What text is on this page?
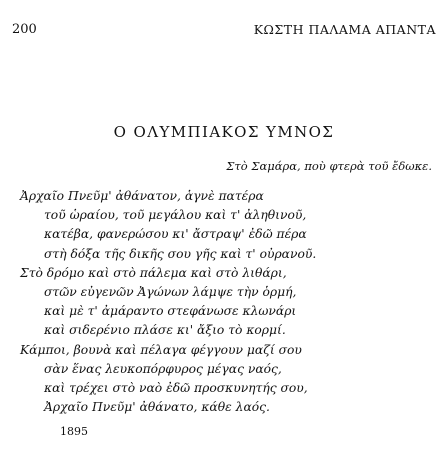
200	ΚΩΣΤΗ ΠΑΛΑΜΑ ΑΠΑΝΤΑ
Ο ΟΛΥΜΠΙΑΚΟΣ ΥΜΝΟΣ
Στὸ Σαμάρα, ποὺ φτερὰ τοῦ ἔδωκε.
Ἀρχαῖο Πνεῦμ' ἀθάνατον, ἁγνὲ πατέρα
τοῦ ὡραίου, τοῦ μεγάλου καὶ τ' ἀληθινοῦ,
κατέβα, φανερώσου κι' ἄστραψ' ἐδῶ πέρα
στὴ δόξα τῆς δικῆς σου γῆς καὶ τ' οὐρανοῦ.
Στὸ δρόμο καὶ στὸ πάλεμα καὶ στὸ λιθάρι,
στῶν εὐγενῶν Ἀγώνων λάμψε τὴν ὁρμή,
καὶ μὲ τ' ἀμάραντο στεφάνωσε κλωνάρι
καὶ σιδερένιο πλάσε κι' ἄξιο τὸ κορμί.
Κάμποι, βουνὰ καὶ πέλαγα φέγγουν μαζί σου
σὰν ἕνας λευκοπόρφυρος μέγας ναός,
καὶ τρέχει στὸ ναὸ ἐδῶ προσκυνητής σου,
Ἀρχαῖο Πνεῦμ' ἀθάνατο, κάθε λαός.
1895
